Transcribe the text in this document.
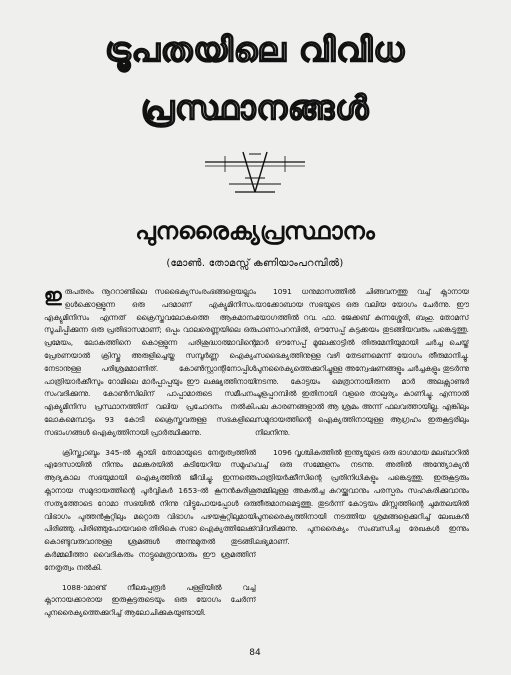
ട്രൂപതയിലെ വിവിധ
പ്രസ്ഥാനങ്ങൾ
പുനരൈക്യപ്രസ്ഥാനം
(മോൺ. തോമസ്സ് കണിയാംപറമ്പിൽ)

ഇരുപതരം നൂററാണ്ടിലെ സഭൈക്യസംരംഭങ്ങളെയല്ലാം ഉൾക്കൊള്ളുന്ന ഒരു പദമാണ് എക്യുമിനിസം. എക്യുമിനിസം എന്നത് ക്രൈസ്തവലോകത്തെ ആകമാനം സൂചിപ്പിക്കുന്ന ഒരു പ്രതിഭാസമാണ്; ഒപ്പം വാലരെണ്ണയിലെ ഒരു പ്രമേയം, ലോകത്തിനെ കൊള്ളുന്ന പരിശുദ്ധാത്മാവിന്റെ പ്രേരണയാൽ ക്രിസ്തു അരുളിച്ചെയ്ത സമ്പൂർണ്ണ ഐക്യം നേടാനുള്ള പരിശ്രമമാണിത്. കോൺസ്റ്റാന്റിനോപ്പിൾ പാത്രിയാർക്കീസും റോമിലെ മാർപ്പാപ്പയും ഈ ലക്ഷ്യത്തിനായി സംവദിക്കുന്നു. കോൺസിലിന് പാപ്പാമാരുടെ സമീപനം എക്യുമിനിസ പ്രസ്ഥാനത്തിന് വലിയ പ്രചോദനം നൽകി. ലോകമെമ്പാടും 93 കോടി ക്രൈസ്തവരുള്ള സഭകളിലെ സഭാംഗങ്ങൾ ഐക്യത്തിനായി പ്രാർത്ഥിക്കുന്നു.

ക്രിസ്ത്വാബ്ദം 345-ൽ ക്നായി തോമായുടെ നേതൃത്വത്തിൽ എദേസായിൽ നിന്നും മലങ്കരയിൽ കുടിയേറിയ സമൂഹം ആദ്യകാല സഭയുമായി ഐക്യത്തിൽ ജീവിച്ചു. ഇന്നത്തെ ക്നാനായ സമുദായത്തിന്റെ പൂർവ്വികർ 1653-ൽ കൂനൻകുരിശു സത്യത്തോടെ റോമാ സഭയിൽ നിന്നു വിട്ടുപോയപ്പോൾ ഒരു വിഭാഗം പുത്തൻകൂറ്റിലും മറ്റൊരു വിഭാഗം പഴയകൂറ്റിലുമായി പിരിഞ്ഞു. പിരിഞ്ഞുപോയവരെ തിരികെ സഭാ ഐക്യത്തിലേക്ക് കൊണ്ടുവരുവാനുള്ള ശ്രമങ്ങൾ അന്നുമുതൽ തുടങ്ങി. കർമ്മലീത്താ വൈദികരും നാട്ടുമെത്രാന്മാരും ഈ ശ്രമത്തിന് നേതൃത്വം നൽകി.

1088-ാമാണ്ട് നീലപ്പേരൂർ പള്ളിയിൽ വച്ച് ക്നാനായക്കാരായ ഇരുകൂട്ടരുടെയും ഒരു യോഗം ചേർന്ന് പുനരൈക്യത്തെക്കുറിച്ച് ആലോചിക്കുകയുണ്ടായി.

1091 ധനുമാസത്തിൽ ചിങ്ങവനത്തു വച്ച് ക്നാനായ യാക്കോബായ സഭയുടെ ഒരു വലിയ യോഗം ചേർന്നു. ഈ യോഗത്തിൽ റവ. ഫാ. ജേക്കബ് കുന്നശ്ശേരി, ബഹു. തോമസ് പാണാപറമ്പിൽ, ഔസേപ്പ് കട്ടക്കയം തുടങ്ങിയവരും പങ്കെടുത്തു. മാർ ഔസേപ്പ് മൂലേക്കാട്ടിൽ തിരുമേനിയുമായി ചർച്ച ചെയ്ത് സഭൈക്യത്തിനുള്ള വഴി തേടണമെന്ന് യോഗം തീരുമാനിച്ചു. പുനരൈക്യത്തെക്കുറിച്ചുള്ള അന്വേഷണങ്ങളും ചർച്ചകളും തുടർന്നു നടന്നു. കോട്ടയം മെത്രാനായിരുന്ന മാർ അലക്സാണ്ടർ ചൂളപ്പറമ്പിൽ ഇതിനായി വളരെ താല്പര്യം കാണിച്ചു. എന്നാൽ പല കാരണങ്ങളാൽ ആ ശ്രമം അന്ന് ഫലവത്തായില്ല. എങ്കിലും സമുദായത്തിന്റെ ഐക്യത്തിനായുള്ള ആഗ്രഹം ഇരുകൂട്ടരിലും നിലനിന്നു.

1096 വൃശ്ചികത്തിൽ ഇന്ത്യയുടെ ഒരു ഭാഗമായ മലബാറിൽ വച്ച് ഒരു സമ്മേളനം നടന്നു. അതിൽ അന്ത്യോക്യൻ പാത്രിയർക്കീസിന്റെ പ്രതിനിധികളും പങ്കെടുത്തു. ഇരുകൂട്ടരും തമ്മിലുള്ള അകൽച്ച കുറയ്ക്കുവാനും പരസ്പരം സഹകരിക്കുവാനും തീരുമാനമെടുത്തു. തുടർന്ന് കോട്ടയം മിസ്സത്തിന്റെ ചുമതലയിൽ പുനരൈക്യത്തിനായി നടത്തിയ ശ്രമങ്ങളെക്കുറിച്ച് ലേഖകൻ വിവരിക്കുന്നു. പുനരൈക്യം സംബന്ധിച്ച രേഖകൾ ഇന്നും ലഭ്യമാണ്.

84
